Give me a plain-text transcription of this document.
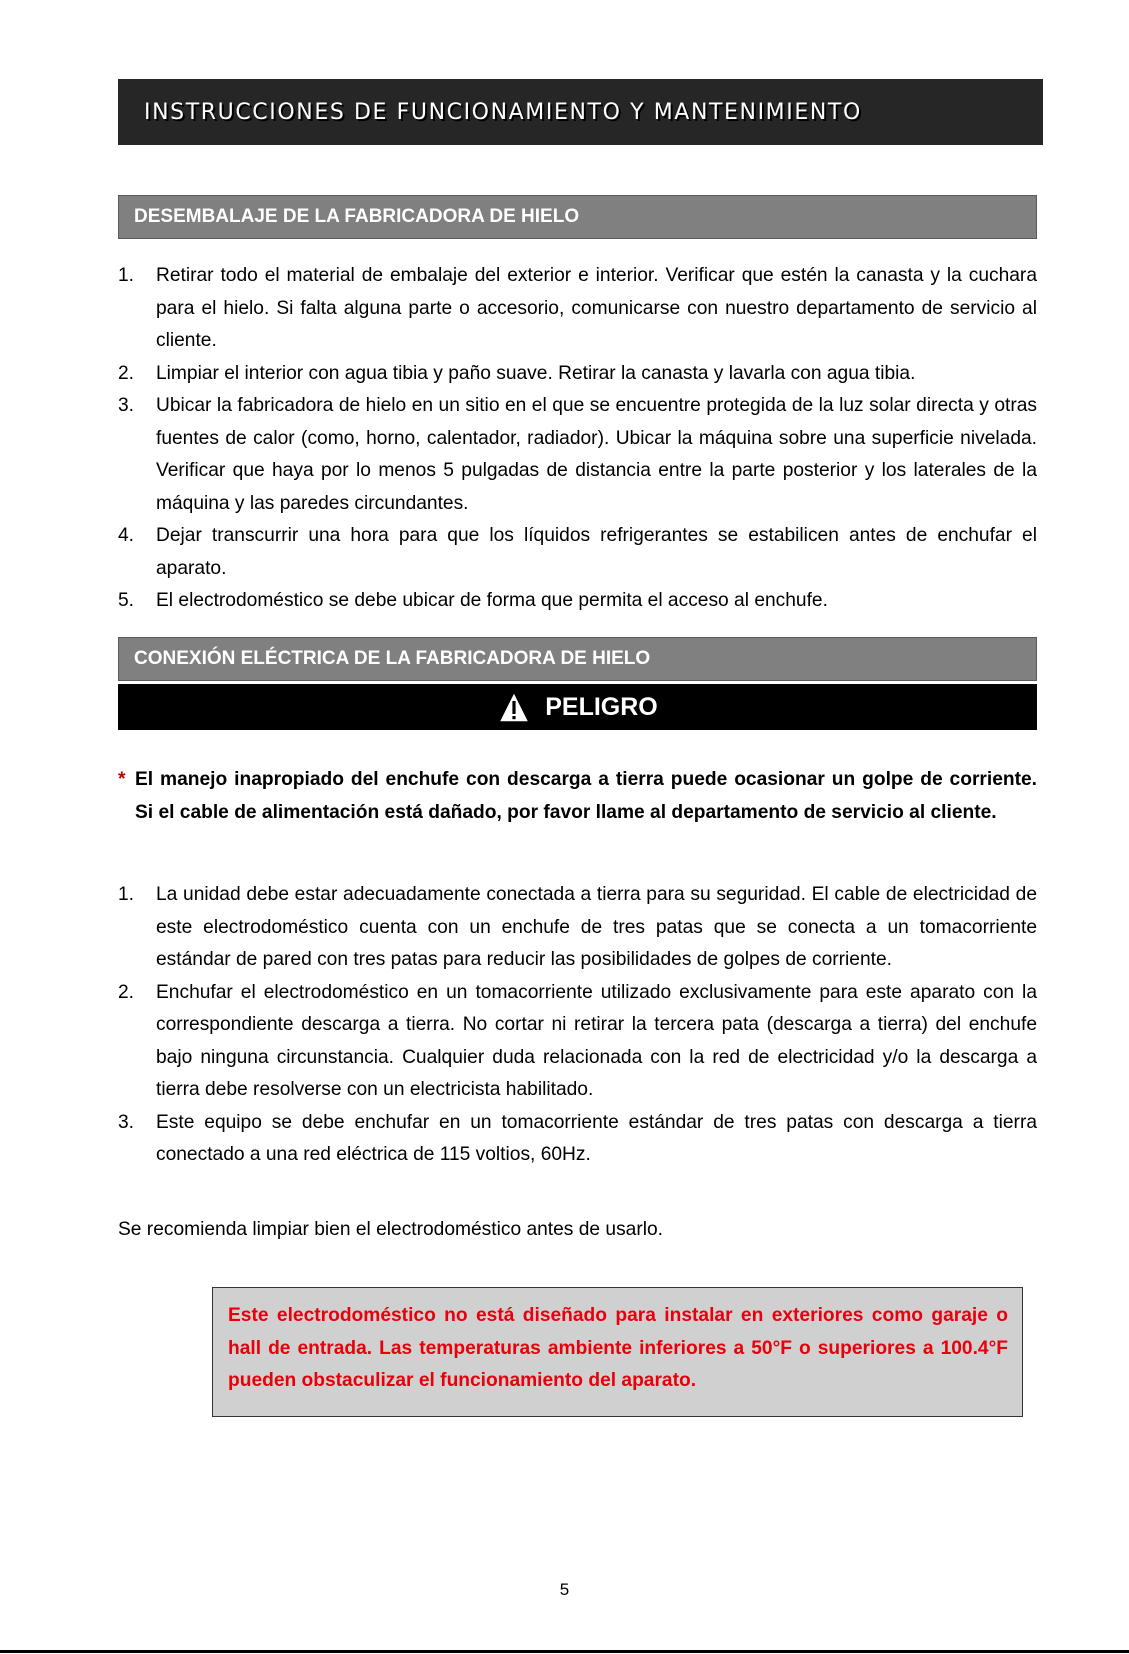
INSTRUCCIONES DE FUNCIONAMIENTO Y MANTENIMIENTO
DESEMBALAJE DE LA FABRICADORA DE HIELO
1. Retirar todo el material de embalaje del exterior e interior. Verificar que estén la canasta y la cuchara para el hielo. Si falta alguna parte o accesorio, comunicarse con nuestro departamento de servicio al cliente.
2. Limpiar el interior con agua tibia y paño suave. Retirar la canasta y lavarla con agua tibia.
3. Ubicar la fabricadora de hielo en un sitio en el que se encuentre protegida de la luz solar directa y otras fuentes de calor (como, horno, calentador, radiador). Ubicar la máquina sobre una superficie nivelada. Verificar que haya por lo menos 5 pulgadas de distancia entre la parte posterior y los laterales de la máquina y las paredes circundantes.
4. Dejar transcurrir una hora para que los líquidos refrigerantes se estabilicen antes de enchufar el aparato.
5. El electrodoméstico se debe ubicar de forma que permita el acceso al enchufe.
CONEXIÓN ELÉCTRICA DE LA FABRICADORA DE HIELO
PELIGRO
* El manejo inapropiado del enchufe con descarga a tierra puede ocasionar un golpe de corriente. Si el cable de alimentación está dañado, por favor llame al departamento de servicio al cliente.
1. La unidad debe estar adecuadamente conectada a tierra para su seguridad. El cable de electricidad de este electrodoméstico cuenta con un enchufe de tres patas que se conecta a un tomacorriente estándar de pared con tres patas para reducir las posibilidades de golpes de corriente.
2. Enchufar el electrodoméstico en un tomacorriente utilizado exclusivamente para este aparato con la correspondiente descarga a tierra. No cortar ni retirar la tercera pata (descarga a tierra) del enchufe bajo ninguna circunstancia. Cualquier duda relacionada con la red de electricidad y/o la descarga a tierra debe resolverse con un electricista habilitado.
3. Este equipo se debe enchufar en un tomacorriente estándar de tres patas con descarga a tierra conectado a una red eléctrica de 115 voltios, 60Hz.
Se recomienda limpiar bien el electrodoméstico antes de usarlo.

Este electrodoméstico no está diseñado para instalar en exteriores como garaje o hall de entrada. Las temperaturas ambiente inferiores a 50°F o superiores a 100.4°F pueden obstaculizar el funcionamiento del aparato.

5
